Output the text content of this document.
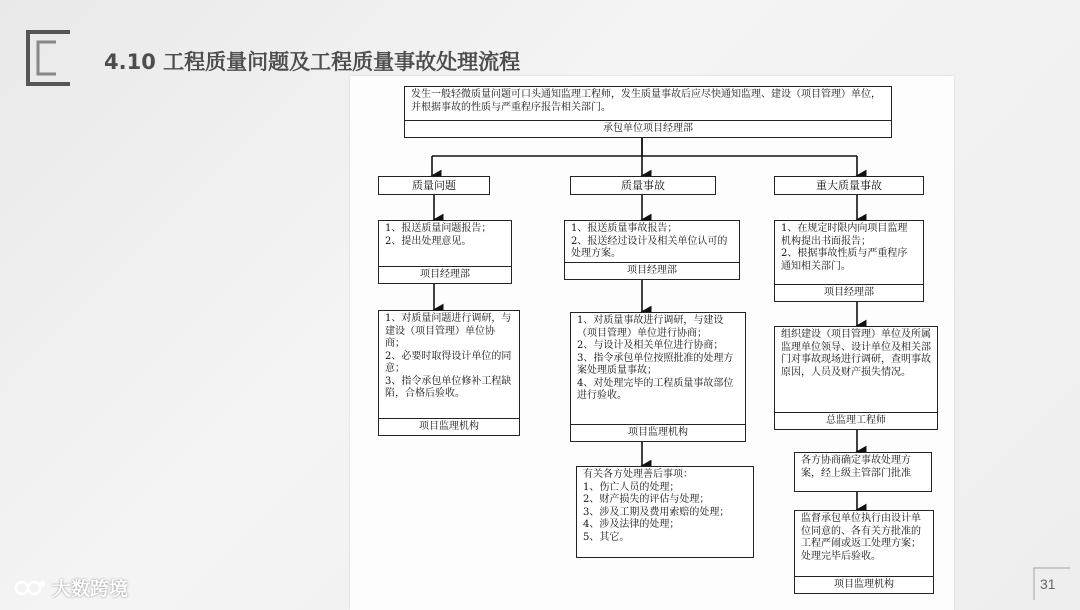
4.10 工程质量问题及工程质量事故处理流程
发生一般轻微质量问题可口头通知监理工程师，发生质量事故后应尽快通知监理、建设（项目管理）单位，并根据事故的性质与严重程序报告相关部门。
承包单位项目经理部
质量问题	质量事故	重大质量事故
1、报送质量问题报告；
2、提出处理意见。
项目经理部
1、对质量问题进行调研，与建设（项目管理）单位协商；
2、必要时取得设计单位的同意；
3、指令承包单位修补工程缺陷，合格后验收。
项目监理机构
1、报送质量事故报告；
2、报送经过设计及相关单位认可的处理方案。
项目经理部
1、对质量事故进行调研，与建设（项目管理）单位进行协商；
2、与设计及相关单位进行协商；
3、指令承包单位按照批准的处理方案处理质量事故；
4、对处理完毕的工程质量事故部位进行验收。
项目监理机构
有关各方处理善后事项：
1、伤亡人员的处理；
2、财产损失的评估与处理；
3、涉及工期及费用索赔的处理；
4、涉及法律的处理；
5、其它。
1、在规定时限内向项目监理机构提出书面报告；
2、根据事故性质与严重程序通知相关部门。
项目经理部
组织建设（项目管理）单位及所属监理单位领导、设计单位及相关部门对事故现场进行调研，查明事故原因，人员及财产损失情况。
总监理工程师
各方协商确定事故处理方案，经上级主管部门批准
监督承包单位执行由设计单位同意的、各有关方批准的工程严闹或返工处理方案；处理完毕后验收。
项目监理机构
大数跨境	31
